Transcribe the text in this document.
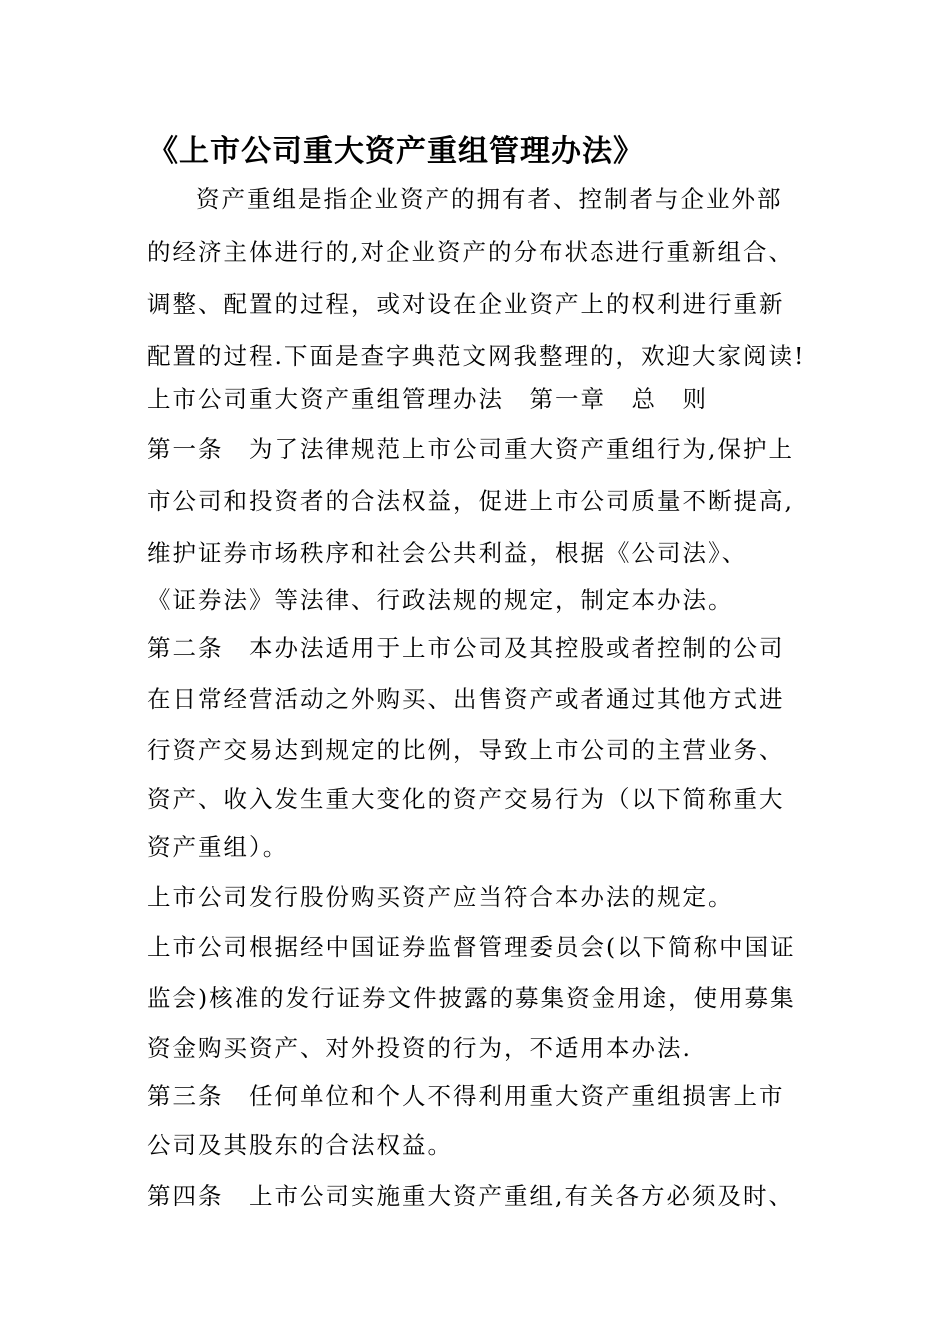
《上市公司重大资产重组管理办法》
资产重组是指企业资产的拥有者、控制者与企业外部
的经济主体进行的,对企业资产的分布状态进行重新组合、
调整、配置的过程，或对设在企业资产上的权利进行重新
配置的过程.下面是查字典范文网我整理的，欢迎大家阅读!
上市公司重大资产重组管理办法　第一章　总　则
第一条　为了法律规范上市公司重大资产重组行为,保护上
市公司和投资者的合法权益，促进上市公司质量不断提高,
维护证券市场秩序和社会公共利益，根据《公司法》、
《证券法》等法律、行政法规的规定，制定本办法。
第二条　本办法适用于上市公司及其控股或者控制的公司
在日常经营活动之外购买、出售资产或者通过其他方式进
行资产交易达到规定的比例，导致上市公司的主营业务、
资产、收入发生重大变化的资产交易行为（以下简称重大
资产重组）。
上市公司发行股份购买资产应当符合本办法的规定。
上市公司根据经中国证券监督管理委员会(以下简称中国证
监会)核准的发行证券文件披露的募集资金用途，使用募集
资金购买资产、对外投资的行为，不适用本办法.
第三条　任何单位和个人不得利用重大资产重组损害上市
公司及其股东的合法权益。
第四条　上市公司实施重大资产重组,有关各方必须及时、
